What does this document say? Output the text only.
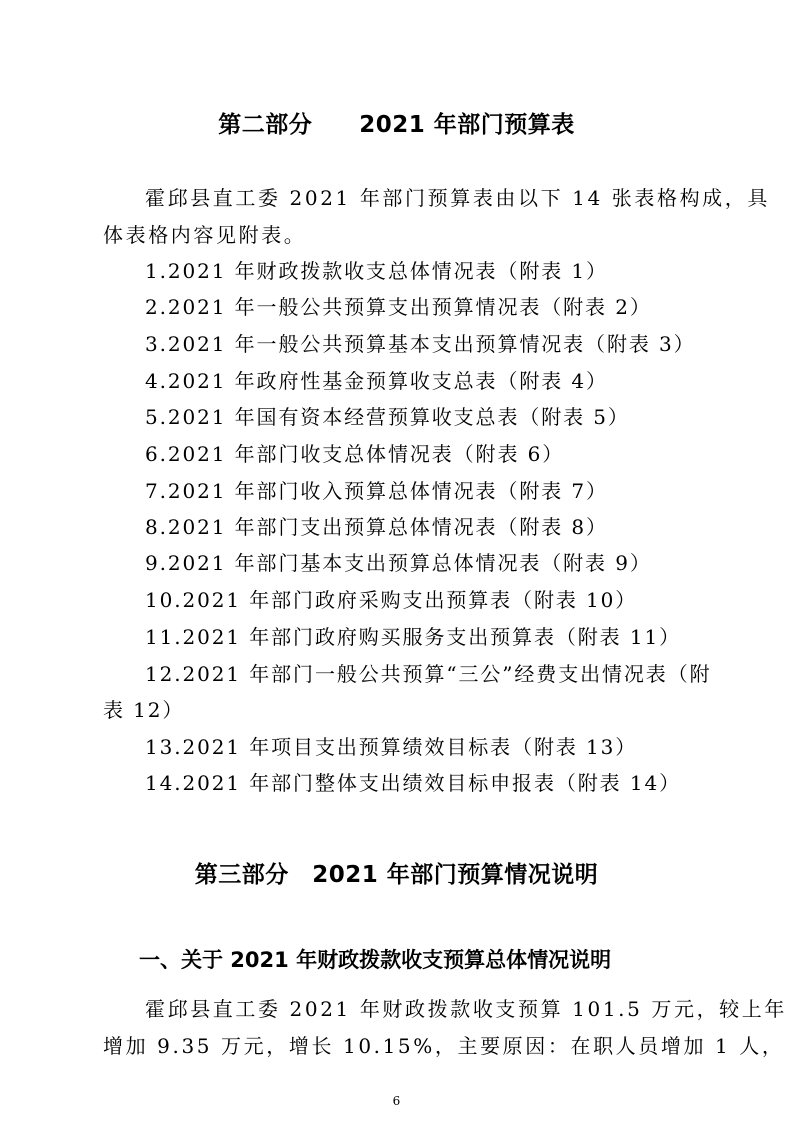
第二部分　　2021 年部门预算表
霍邱县直工委 2021 年部门预算表由以下 14 张表格构成，具
体表格内容见附表。
1.2021 年财政拨款收支总体情况表（附表 1）
2.2021 年一般公共预算支出预算情况表（附表 2）
3.2021 年一般公共预算基本支出预算情况表（附表 3）
4.2021 年政府性基金预算收支总表（附表 4）
5.2021 年国有资本经营预算收支总表（附表 5）
6.2021 年部门收支总体情况表（附表 6）
7.2021 年部门收入预算总体情况表（附表 7）
8.2021 年部门支出预算总体情况表（附表 8）
9.2021 年部门基本支出预算总体情况表（附表 9）
10.2021 年部门政府采购支出预算表（附表 10）
11.2021 年部门政府购买服务支出预算表（附表 11）
12.2021 年部门一般公共预算“三公”经费支出情况表（附
表 12）
13.2021 年项目支出预算绩效目标表（附表 13）
14.2021 年部门整体支出绩效目标申报表（附表 14）
第三部分　2021 年部门预算情况说明
一、关于 2021 年财政拨款收支预算总体情况说明
霍邱县直工委 2021 年财政拨款收支预算 101.5 万元，较上年
增加 9.35 万元，增长 10.15%，主要原因：在职人员增加 1 人，
6
